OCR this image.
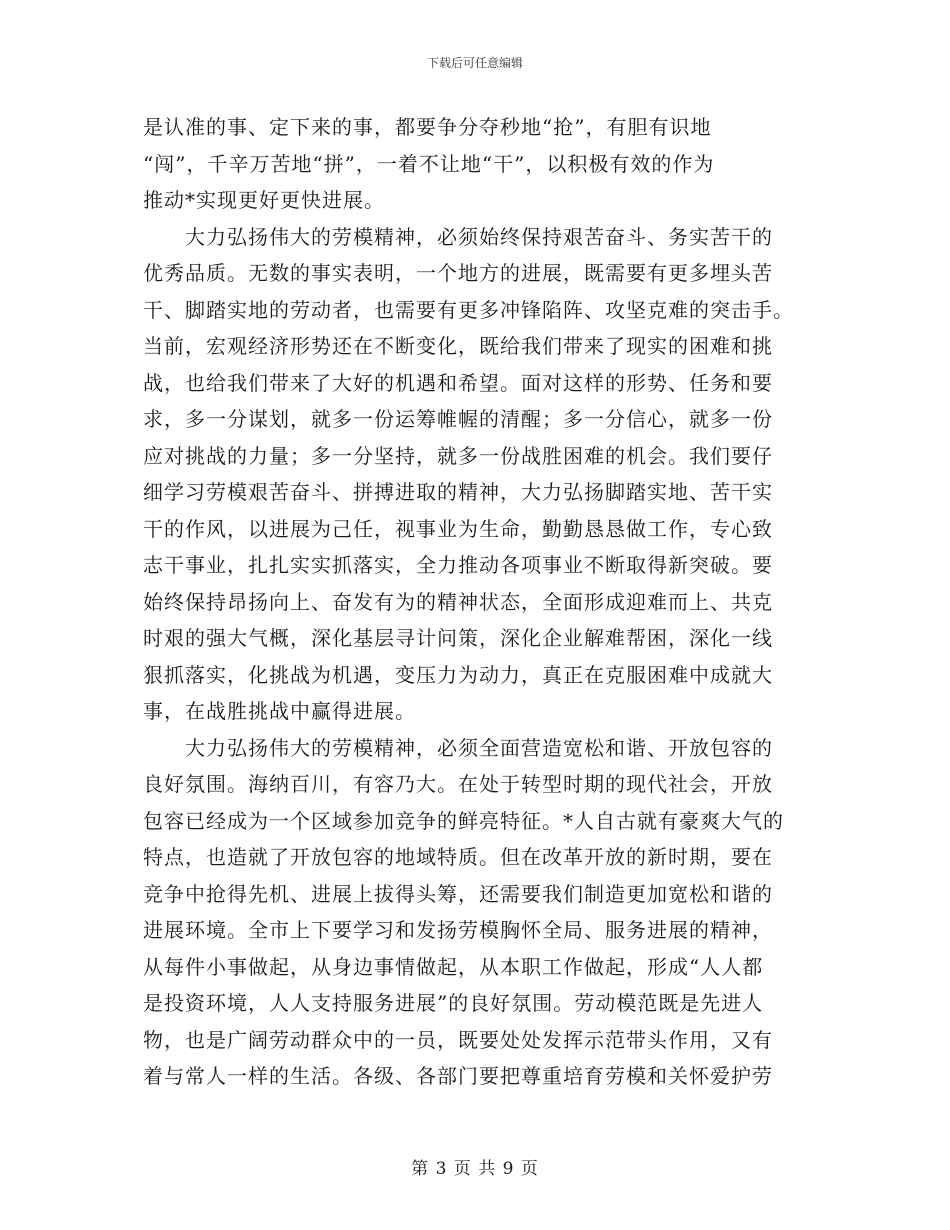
下载后可任意编辑
是认准的事、定下来的事，都要争分夺秒地“抢”，有胆有识地
“闯”，千辛万苦地“拼”，一着不让地“干”，以积极有效的作为
推动*实现更好更快进展。
　　大力弘扬伟大的劳模精神，必须始终保持艰苦奋斗、务实苦干的
优秀品质。无数的事实表明，一个地方的进展，既需要有更多埋头苦
干、脚踏实地的劳动者，也需要有更多冲锋陷阵、攻坚克难的突击手。
当前，宏观经济形势还在不断变化，既给我们带来了现实的困难和挑
战，也给我们带来了大好的机遇和希望。面对这样的形势、任务和要
求，多一分谋划，就多一份运筹帷幄的清醒；多一分信心，就多一份
应对挑战的力量；多一分坚持，就多一份战胜困难的机会。我们要仔
细学习劳模艰苦奋斗、拼搏进取的精神，大力弘扬脚踏实地、苦干实
干的作风，以进展为己任，视事业为生命，勤勤恳恳做工作，专心致
志干事业，扎扎实实抓落实，全力推动各项事业不断取得新突破。要
始终保持昂扬向上、奋发有为的精神状态，全面形成迎难而上、共克
时艰的强大气概，深化基层寻计问策，深化企业解难帮困，深化一线
狠抓落实，化挑战为机遇，变压力为动力，真正在克服困难中成就大
事，在战胜挑战中赢得进展。
　　大力弘扬伟大的劳模精神，必须全面营造宽松和谐、开放包容的
良好氛围。海纳百川，有容乃大。在处于转型时期的现代社会，开放
包容已经成为一个区域参加竞争的鲜亮特征。*人自古就有豪爽大气的
特点，也造就了开放包容的地域特质。但在改革开放的新时期，要在
竞争中抢得先机、进展上拔得头筹，还需要我们制造更加宽松和谐的
进展环境。全市上下要学习和发扬劳模胸怀全局、服务进展的精神，
从每件小事做起，从身边事情做起，从本职工作做起，形成“人人都
是投资环境，人人支持服务进展”的良好氛围。劳动模范既是先进人
物，也是广阔劳动群众中的一员，既要处处发挥示范带头作用，又有
着与常人一样的生活。各级、各部门要把尊重培育劳模和关怀爱护劳
第 3 页 共 9 页
